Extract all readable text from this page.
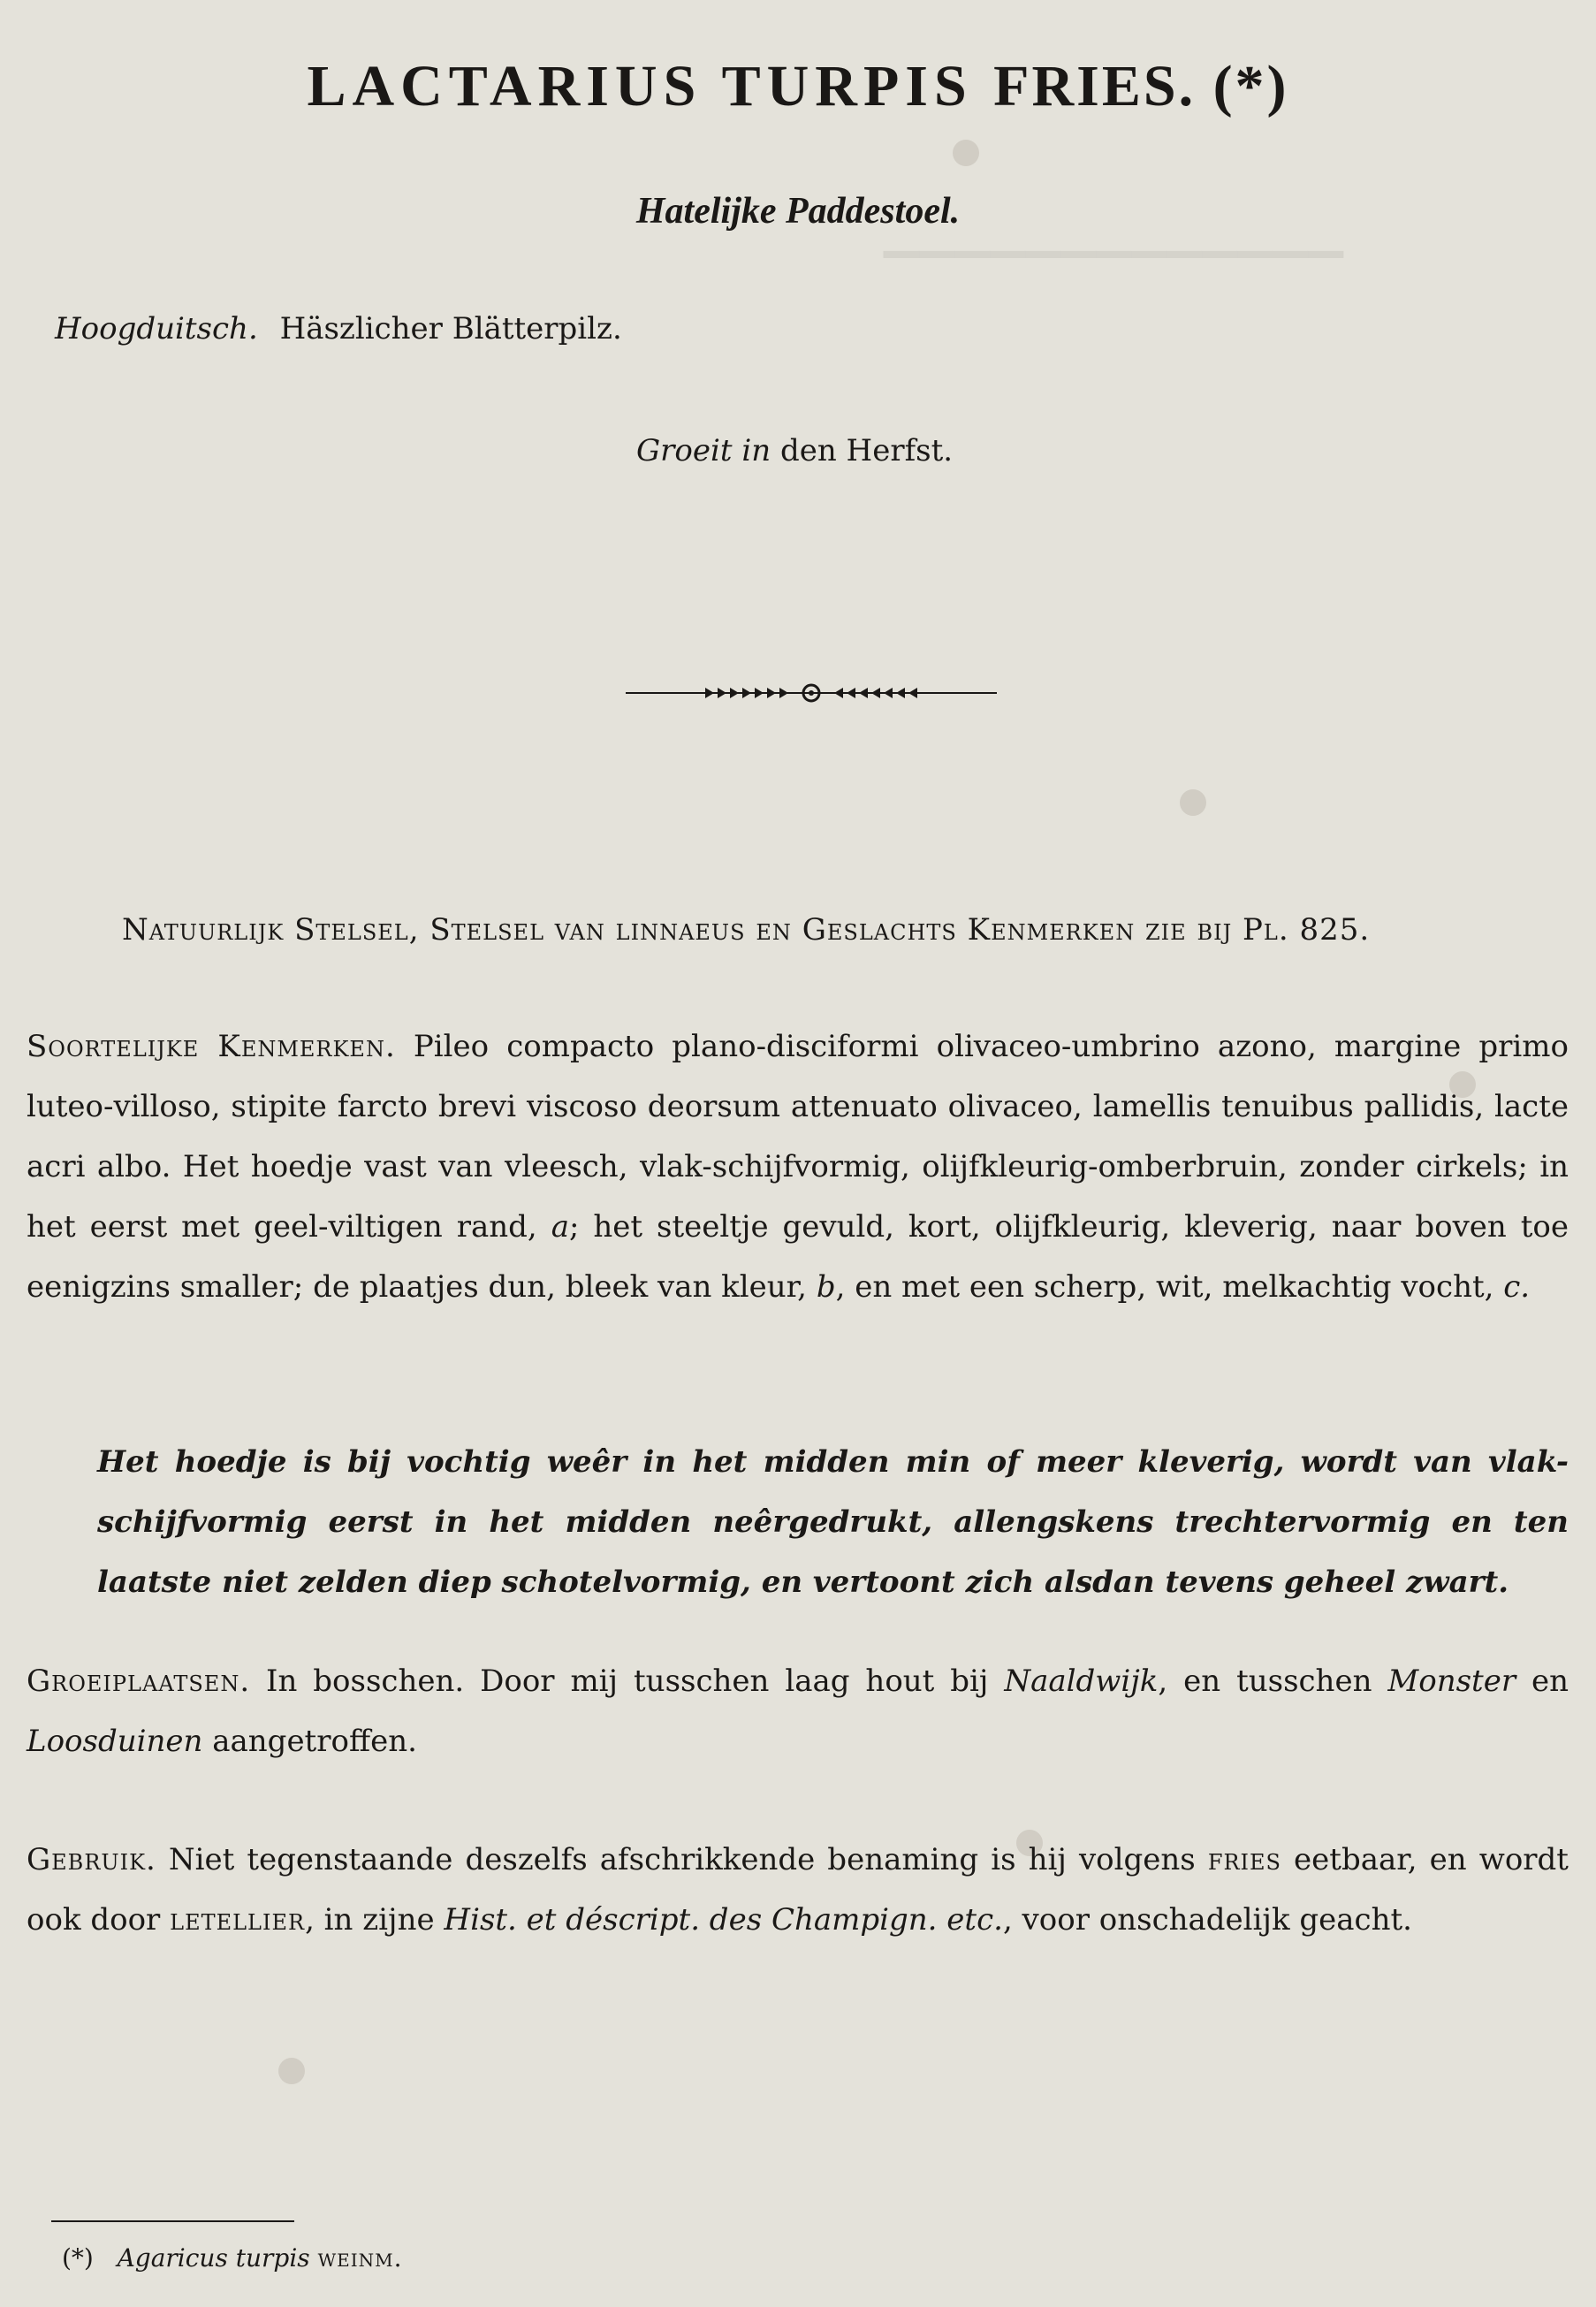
▁▁▁▁▁▁▁▁▁▁▁▁▁
LACTARIUS TURPIS FRIES. (*)
Hatelijke Paddestoel.
Hoogduitsch. Häszlicher Blätterpilz.
Groeit in den Herfst.
Natuurlijk Stelsel, Stelsel van linnaeus en Geslachts Kenmerken zie bij Pl. 825.
Soortelijke Kenmerken. Pileo compacto plano-disciformi olivaceo-umbrino azono, margine primo luteo-villoso, stipite farcto brevi viscoso deorsum attenuato olivaceo, lamellis tenuibus pallidis, lacte acri albo. Het hoedje vast van vleesch, vlak-schijfvormig, olijfkleurig-omberbruin, zonder cirkels; in het eerst met geel-viltigen rand, a; het steeltje gevuld, kort, olijfkleurig, kleverig, naar boven toe eenigzins smaller; de plaatjes dun, bleek van kleur, b, en met een scherp, wit, melkachtig vocht, c.
Het hoedje is bij vochtig weêr in het midden min of meer kleverig, wordt van vlak-schijfvormig eerst in het midden neêrgedrukt, allengskens trechtervormig en ten laatste niet zelden diep schotelvormig, en vertoont zich alsdan tevens geheel zwart.
Groeiplaatsen. In bosschen. Door mij tusschen laag hout bij Naaldwijk, en tusschen Monster en Loosduinen aangetroffen.
Gebruik. Niet tegenstaande deszelfs afschrikkende benaming is hij volgens fries eetbaar, en wordt ook door letellier, in zijne Hist. et déscript. des Champign. etc., voor onschadelijk geacht.
(*) Agaricus turpis weinm.
